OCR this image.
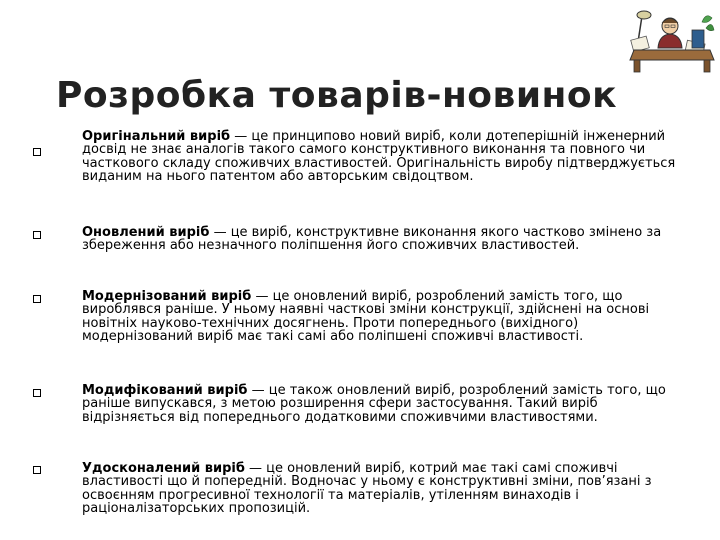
Розробка товарів-новинок

Оригінальний виріб — це принципово новий виріб, коли дотеперішній інженерний досвід не знає аналогів такого самого конструктивного виконання та повного чи часткового складу споживчих властивостей. Оригінальність виробу підтверджується виданим на нього патентом або авторським свідоцтвом.

Оновлений виріб — це виріб, конструктивне виконання якого частково змінено за збереження або незначного поліпшення його споживчих властивостей.

Модернізований виріб — це оновлений виріб, розроблений замість того, що вироблявся раніше. У ньому наявні часткові зміни конструкції, здійснені на основі новітніх науково-технічних досягнень. Проти попереднього (вихідного) модернізований виріб має такі самі або поліпшені споживчі властивості.

Модифікований виріб — це також оновлений виріб, розроблений замість того, що раніше випускався, з метою розширення сфери застосування. Такий виріб відрізняється від попереднього додатковими споживчими властивостями.

Удосконалений виріб — це оновлений виріб, котрий має такі самі споживчі властивості що й попередній. Водночас у ньому є конструктивні зміни, пов’язані з освоєнням прогресивної технології та матеріалів, утіленням винаходів і раціоналізаторських пропозицій.
